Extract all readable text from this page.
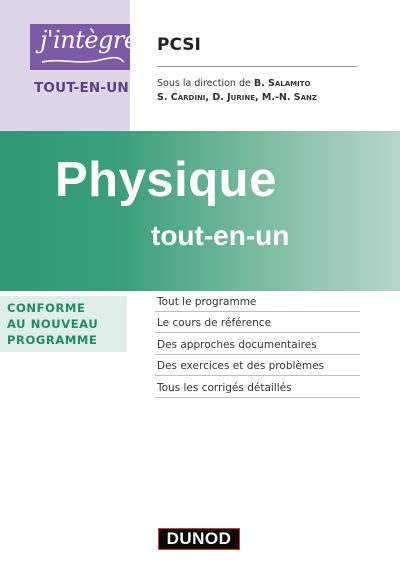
j'intègre
TOUT-EN-UN
PCSI
Sous la direction de B. Salamito
S. Cardini, D. Jurine, M.-N. Sanz
Physique
tout-en-un
CONFORME
AU NOUVEAU
PROGRAMME
Tout le programme
Le cours de référence
Des approches documentaires
Des exercices et des problèmes
Tous les corrigés détaillés
DUNOD
